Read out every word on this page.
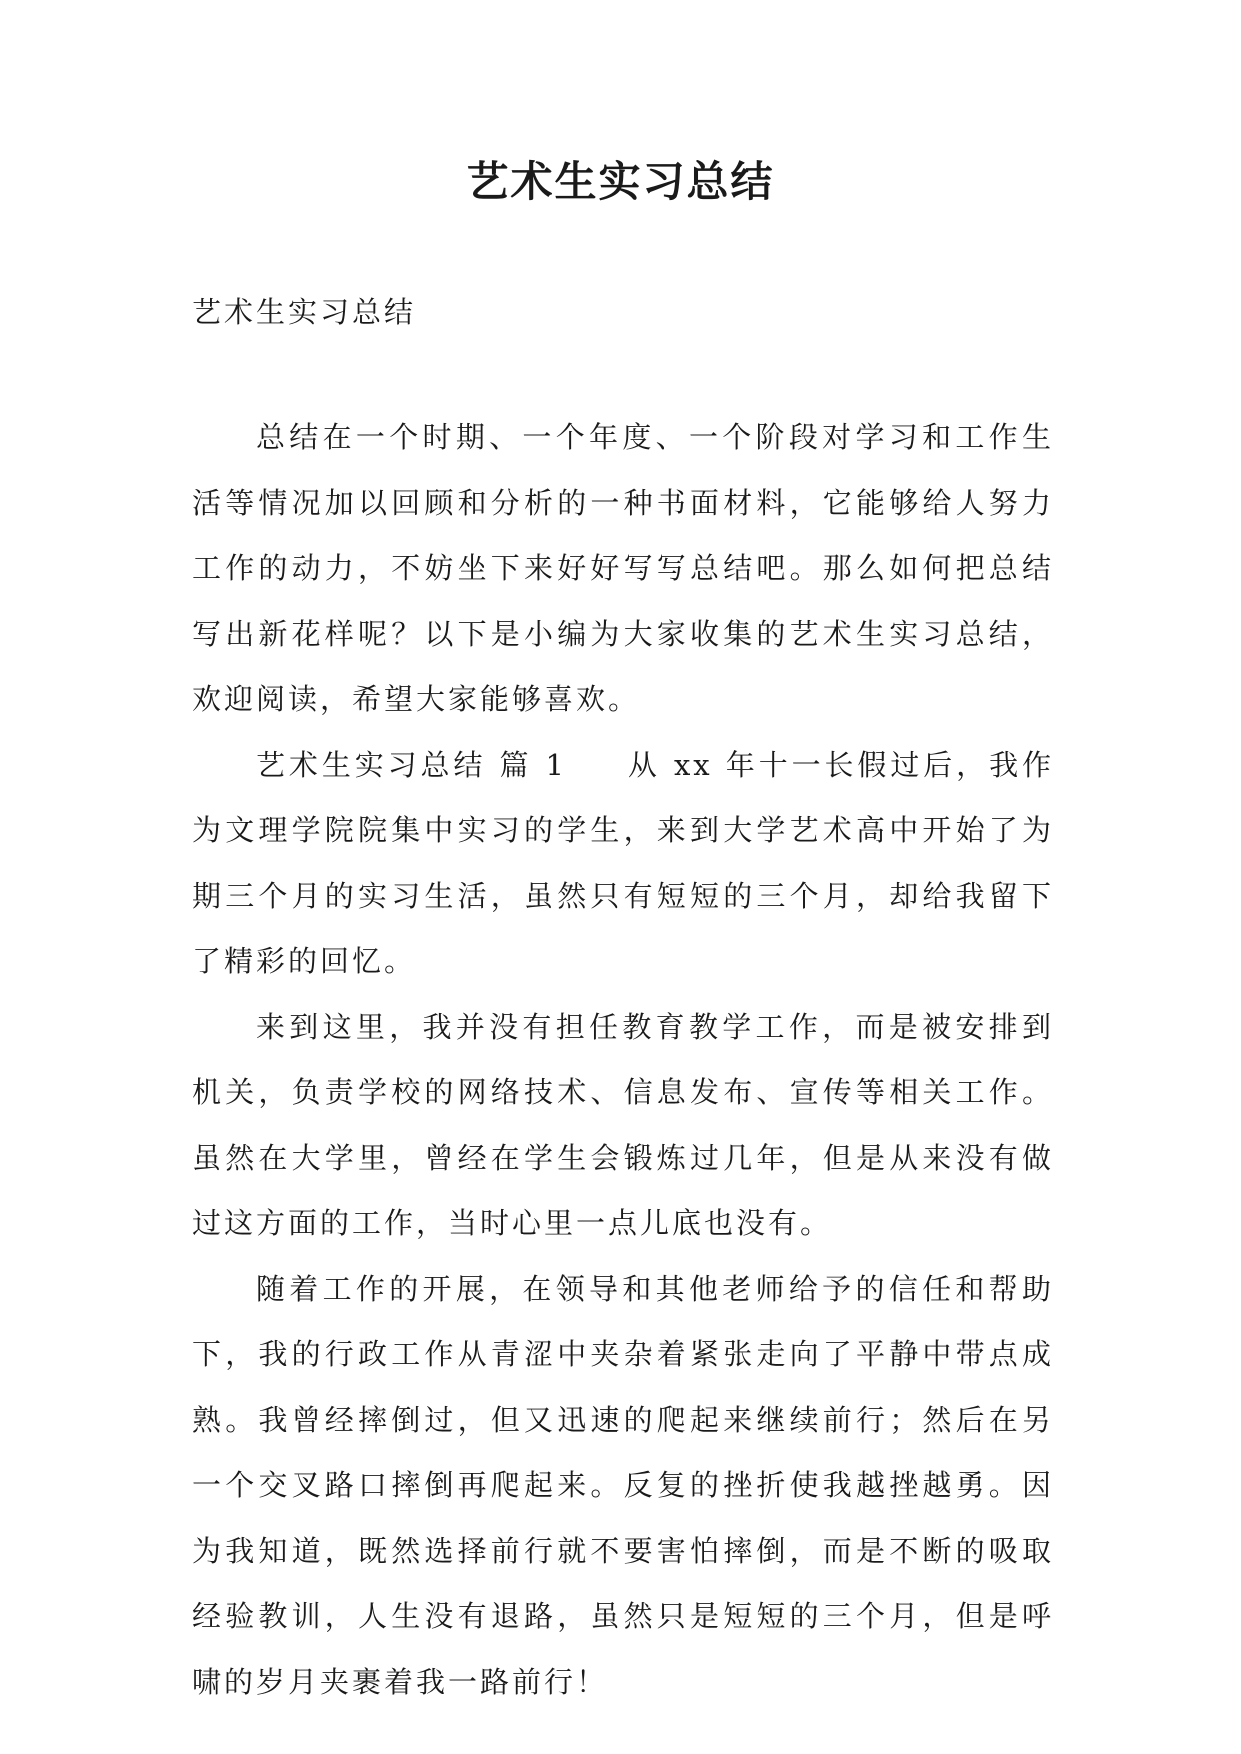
艺术生实习总结

艺术生实习总结

总结在一个时期、一个年度、一个阶段对学习和工作生活等情况加以回顾和分析的一种书面材料，它能够给人努力工作的动力，不妨坐下来好好写写总结吧。那么如何把总结写出新花样呢？以下是小编为大家收集的艺术生实习总结，欢迎阅读，希望大家能够喜欢。

艺术生实习总结 篇 1 从 xx 年十一长假过后，我作为文理学院院集中实习的学生，来到大学艺术高中开始了为期三个月的实习生活，虽然只有短短的三个月，却给我留下了精彩的回忆。

来到这里，我并没有担任教育教学工作，而是被安排到机关，负责学校的网络技术、信息发布、宣传等相关工作。虽然在大学里，曾经在学生会锻炼过几年，但是从来没有做过这方面的工作，当时心里一点儿底也没有。

随着工作的开展，在领导和其他老师给予的信任和帮助下，我的行政工作从青涩中夹杂着紧张走向了平静中带点成熟。我曾经摔倒过，但又迅速的爬起来继续前行；然后在另一个交叉路口摔倒再爬起来。反复的挫折使我越挫越勇。因为我知道，既然选择前行就不要害怕摔倒，而是不断的吸取经验教训，人生没有退路，虽然只是短短的三个月，但是呼啸的岁月夹裹着我一路前行！
